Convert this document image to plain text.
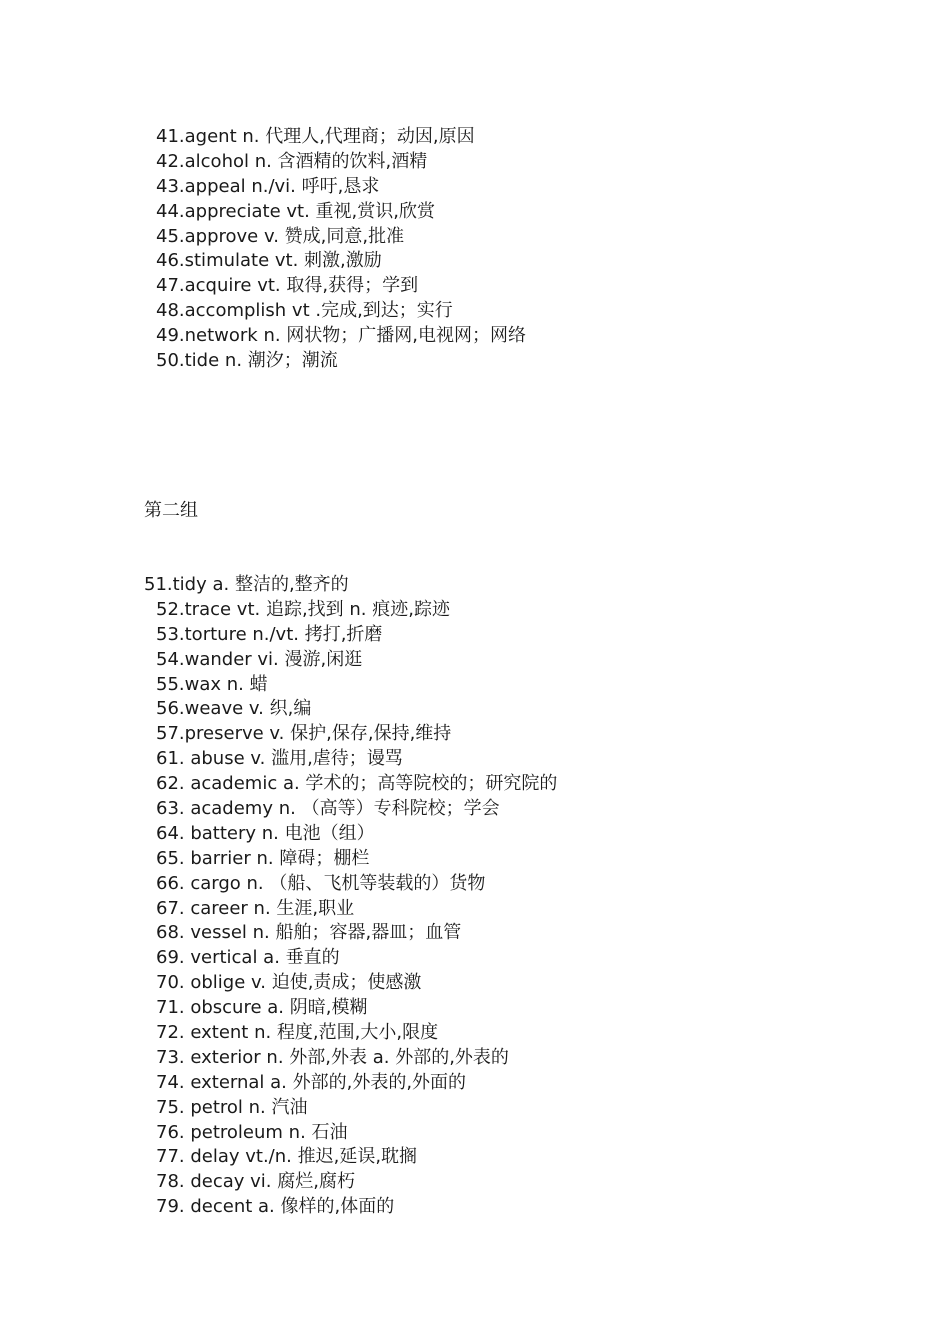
41.agent n. 代理人,代理商；动因,原因
42.alcohol n. 含酒精的饮料,酒精
43.appeal n./vi. 呼吁,恳求
44.appreciate vt. 重视,赏识,欣赏
45.approve v. 赞成,同意,批准
46.stimulate vt. 刺激,激励
47.acquire vt. 取得,获得；学到
48.accomplish vt .完成,到达；实行
49.network n. 网状物；广播网,电视网；网络
50.tide n. 潮汐；潮流
第二组
51.tidy a. 整洁的,整齐的
52.trace vt. 追踪,找到 n. 痕迹,踪迹
53.torture n./vt. 拷打,折磨
54.wander vi. 漫游,闲逛
55.wax n. 蜡
56.weave v. 织,编
57.preserve v. 保护,保存,保持,维持
61. abuse v. 滥用,虐待；谩骂
62. academic a. 学术的；高等院校的；研究院的
63. academy n. （高等）专科院校；学会
64. battery n. 电池（组）
65. barrier n. 障碍；棚栏
66. cargo n. （船、飞机等装载的）货物
67. career n. 生涯,职业
68. vessel n. 船舶；容器,器皿；血管
69. vertical a. 垂直的
70. oblige v. 迫使,责成；使感激
71. obscure a. 阴暗,模糊
72. extent n. 程度,范围,大小,限度
73. exterior n. 外部,外表 a. 外部的,外表的
74. external a. 外部的,外表的,外面的
75. petrol n. 汽油
76. petroleum n. 石油
77. delay vt./n. 推迟,延误,耽搁
78. decay vi. 腐烂,腐朽
79. decent a. 像样的,体面的
